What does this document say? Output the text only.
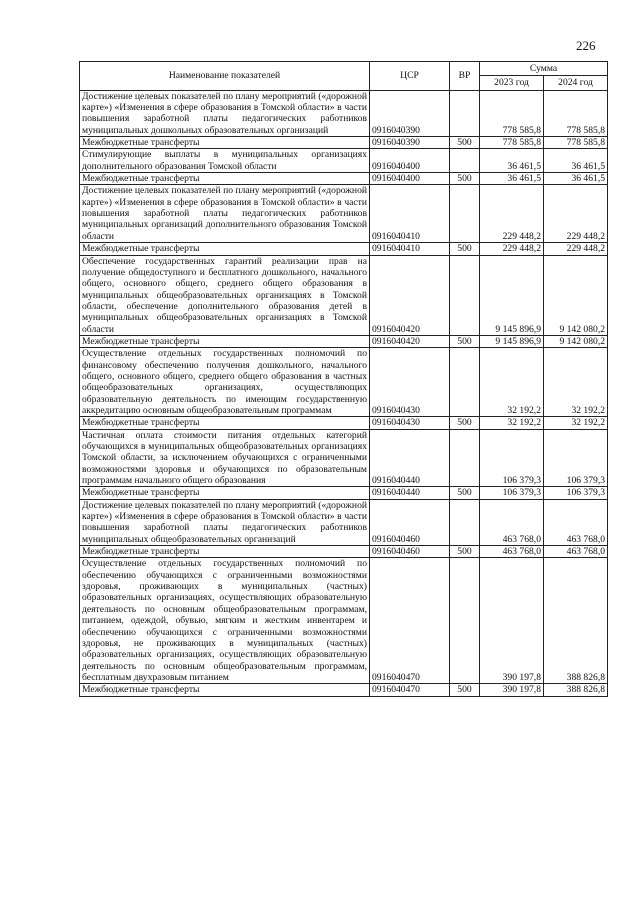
226
Наименование показателей	ЦСР	ВР	Сумма	
			2023 год	2024 год
Достижение целевых показателей по плану мероприятий («дорожной карте») «Изменения в сфере образования в Томской области» в части повышения заработной платы педагогических работников муниципальных дошкольных образовательных организаций	0916040390		778 585,8	778 585,8
Межбюджетные трансферты	0916040390	500	778 585,8	778 585,8
Стимулирующие выплаты в муниципальных организациях дополнительного образования Томской области	0916040400		36 461,5	36 461,5
Межбюджетные трансферты	0916040400	500	36 461,5	36 461,5
Достижение целевых показателей по плану мероприятий («дорожной карте») «Изменения в сфере образования в Томской области» в части повышения заработной платы педагогических работников муниципальных организаций дополнительного образования Томской области	0916040410		229 448,2	229 448,2
Межбюджетные трансферты	0916040410	500	229 448,2	229 448,2
Обеспечение государственных гарантий реализации прав на получение общедоступного и бесплатного дошкольного, начального общего, основного общего, среднего общего образования в муниципальных общеобразовательных организациях в Томской области, обеспечение дополнительного образования детей в муниципальных общеобразовательных организациях в Томской области	0916040420		9 145 896,9	9 142 080,2
Межбюджетные трансферты	0916040420	500	9 145 896,9	9 142 080,2
Осуществление отдельных государственных полномочий по финансовому обеспечению получения дошкольного, начального общего, основного общего, среднего общего образования в частных общеобразовательных организациях, осуществляющих образовательную деятельность по имеющим государственную аккредитацию основным общеобразовательным программам	0916040430		32 192,2	32 192,2
Межбюджетные трансферты	0916040430	500	32 192,2	32 192,2
Частичная оплата стоимости питания отдельных категорий обучающихся в муниципальных общеобразовательных организациях Томской области, за исключением обучающихся с ограниченными возможностями здоровья и обучающихся по образовательным программам начального общего образования	0916040440		106 379,3	106 379,3
Межбюджетные трансферты	0916040440	500	106 379,3	106 379,3
Достижение целевых показателей по плану мероприятий («дорожной карте») «Изменения в сфере образования в Томской области» в части повышения заработной платы педагогических работников муниципальных общеобразовательных организаций	0916040460		463 768,0	463 768,0
Межбюджетные трансферты	0916040460	500	463 768,0	463 768,0
Осуществление отдельных государственных полномочий по обеспечению обучающихся с ограниченными возможностями здоровья, проживающих в муниципальных (частных) образовательных организациях, осуществляющих образовательную деятельность по основным общеобразовательным программам, питанием, одеждой, обувью, мягким и жестким инвентарем и обеспечению обучающихся с ограниченными возможностями здоровья, не проживающих в муниципальных (частных) образовательных организациях, осуществляющих образовательную деятельность по основным общеобразовательным программам, бесплатным двухразовым питанием	0916040470		390 197,8	388 826,8
Межбюджетные трансферты	0916040470	500	390 197,8	388 826,8
